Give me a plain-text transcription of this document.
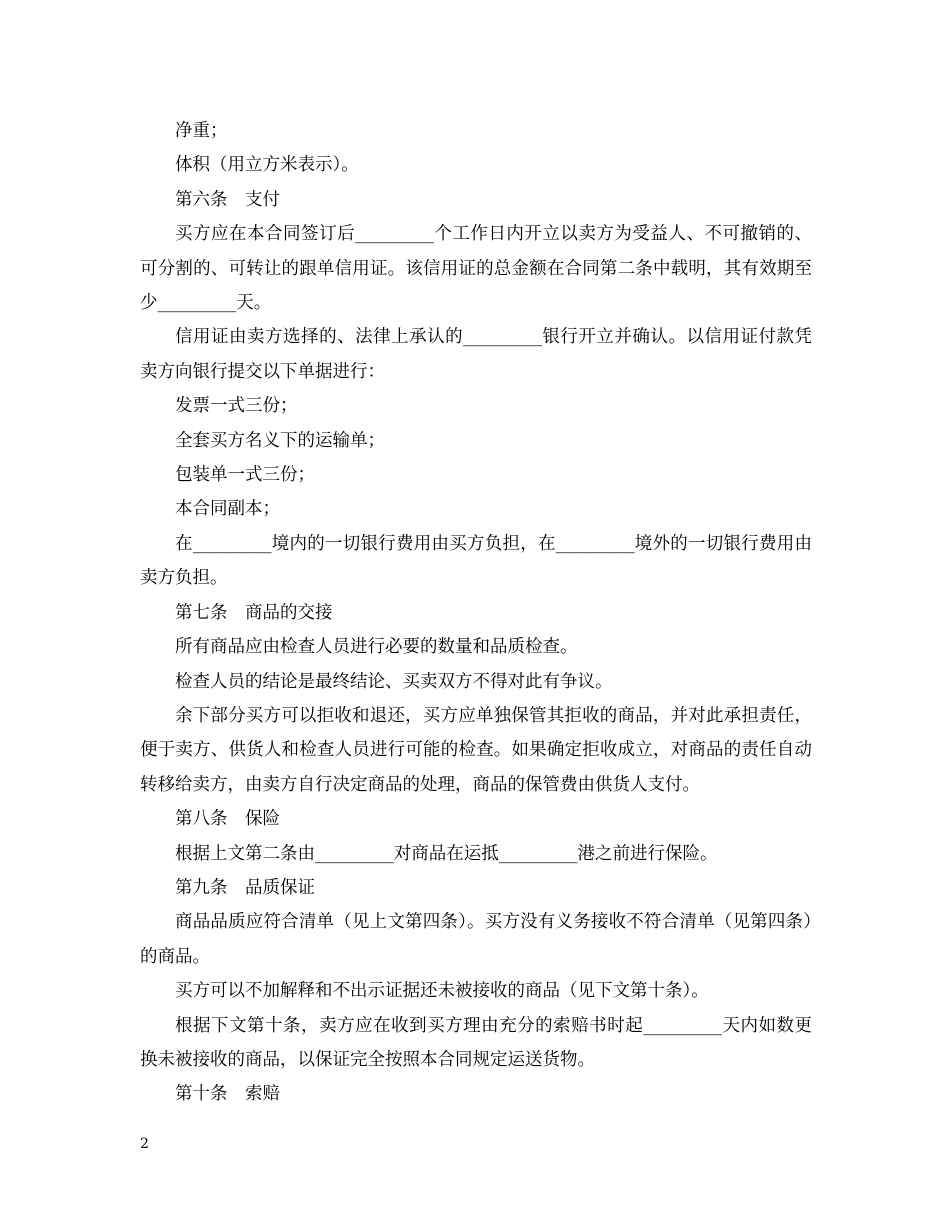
净重；

体积（用立方米表示）。

第六条　支付

买方应在本合同签订后_________个工作日内开立以卖方为受益人、不可撤销的、可分割的、可转让的跟单信用证。该信用证的总金额在合同第二条中载明，其有效期至少_________天。

信用证由卖方选择的、法律上承认的_________银行开立并确认。以信用证付款凭卖方向银行提交以下单据进行：

发票一式三份；

全套买方名义下的运输单；

包装单一式三份；

本合同副本；

在_________境内的一切银行费用由买方负担，在_________境外的一切银行费用由卖方负担。

第七条　商品的交接

所有商品应由检查人员进行必要的数量和品质检查。

检查人员的结论是最终结论、买卖双方不得对此有争议。

余下部分买方可以拒收和退还，买方应单独保管其拒收的商品，并对此承担责任，便于卖方、供货人和检查人员进行可能的检查。如果确定拒收成立，对商品的责任自动转移给卖方，由卖方自行决定商品的处理，商品的保管费由供货人支付。

第八条　保险

根据上文第二条由_________对商品在运抵_________港之前进行保险。

第九条　品质保证

商品品质应符合清单（见上文第四条）。买方没有义务接收不符合清单（见第四条）的商品。

买方可以不加解释和不出示证据还未被接收的商品（见下文第十条）。

根据下文第十条，卖方应在收到买方理由充分的索赔书时起_________天内如数更换未被接收的商品，以保证完全按照本合同规定运送货物。

第十条　索赔

2
